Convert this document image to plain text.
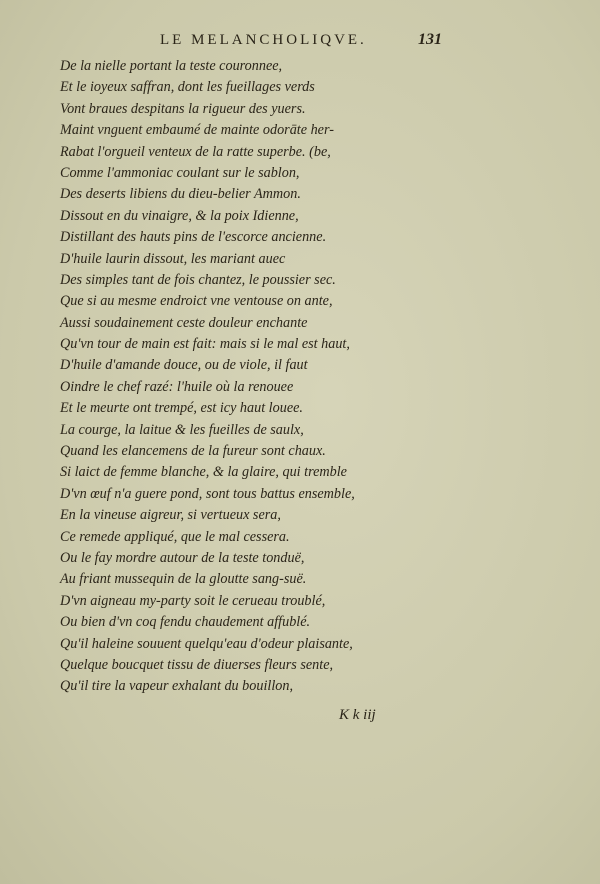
LE MELANCHOLIQVE.	131
De la nielle portant la teste couronnee,
Et le ioyeux saffran, dont les fueillages verds
Vont braues despitans la rigueur des yuers.
Maint vnguent embaumé de mainte odorāte her-
Rabat l'orgueil venteux de la ratte superbe. (be,
Comme l'ammoniac coulant sur le sablon,
Des deserts libiens du dieu-belier Ammon.
Dissout en du vinaigre, & la poix Idienne,
Distillant des hauts pins de l'escorce ancienne.
D'huile laurin dissout, les mariant auec
Des simples tant de fois chantez, le poussier sec.
Que si au mesme endroict vne ventouse on ante,
Aussi soudainement ceste douleur enchante
Qu'vn tour de main est fait: mais si le mal est haut,
D'huile d'amande douce, ou de viole, il faut
Oindre le chef razé: l'huile où la renouee
Et le meurte ont trempé, est icy haut louee.
La courge, la laitue & les fueilles de saulx,
Quand les elancemens de la fureur sont chaux.
Si laict de femme blanche, & la glaire, qui tremble
D'vn œuf n'a guere pond, sont tous battus ensemble,
En la vineuse aigreur, si vertueux sera,
Ce remede appliqué, que le mal cessera.
Ou le fay mordre autour de la teste tonduë,
Au friant mussequin de la gloutte sang-suë.
D'vn aigneau my-party soit le cerueau troublé,
Ou bien d'vn coq fendu chaudement affublé.
Qu'il haleine souuent quelqu'eau d'odeur plaisante,
Quelque boucquet tissu de diuerses fleurs sente,
Qu'il tire la vapeur exhalant du bouillon,
K k iij
